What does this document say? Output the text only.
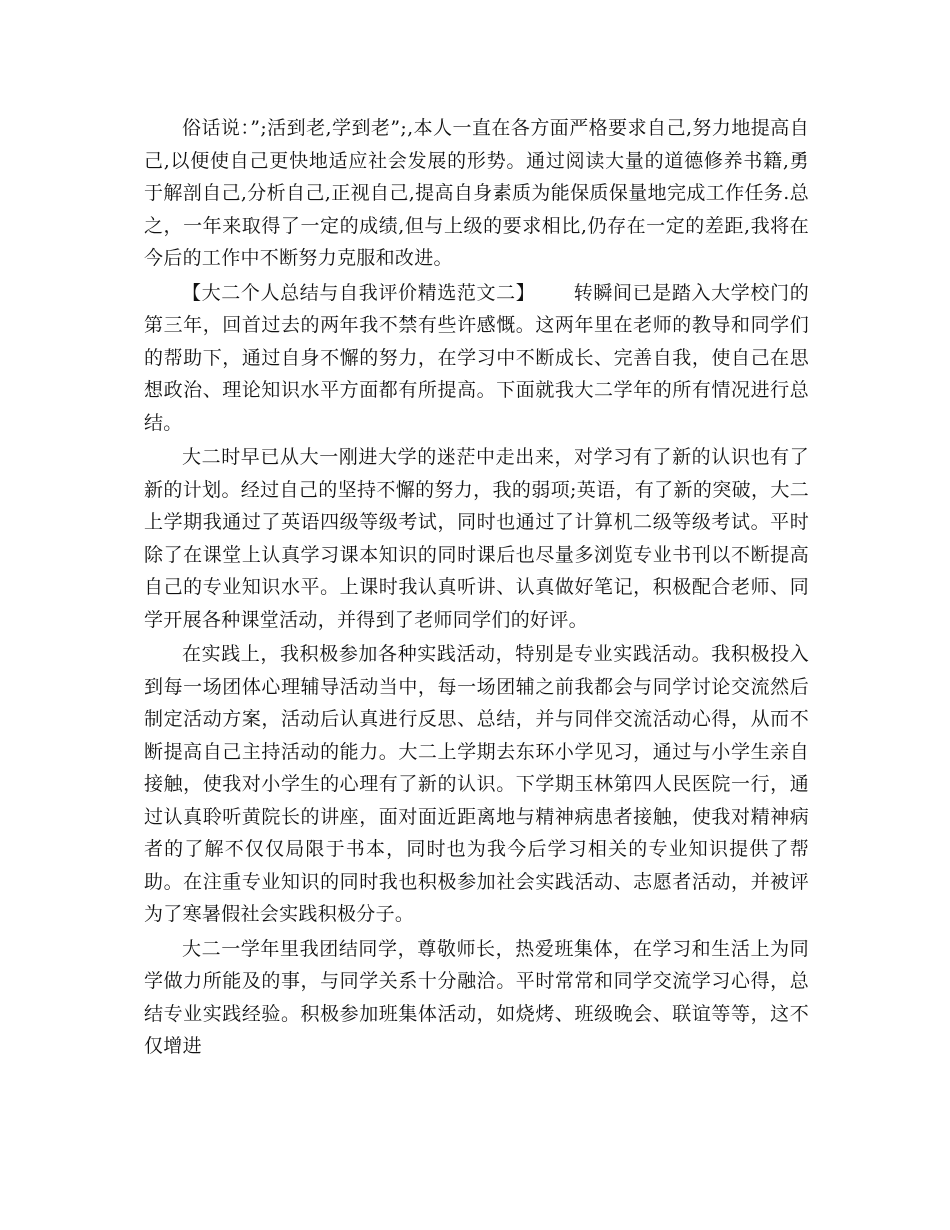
俗话说：”;活到老,学到老”;,本人一直在各方面严格要求自己,努力地提高自己,以便使自己更快地适应社会发展的形势。通过阅读大量的道德修养书籍,勇于解剖自己,分析自己,正视自己,提高自身素质为能保质保量地完成工作任务.总之，一年来取得了一定的成绩,但与上级的要求相比,仍存在一定的差距,我将在今后的工作中不断努力克服和改进。

【大二个人总结与自我评价精选范文二】 转瞬间已是踏入大学校门的第三年，回首过去的两年我不禁有些许感慨。这两年里在老师的教导和同学们的帮助下，通过自身不懈的努力，在学习中不断成长、完善自我，使自己在思想政治、理论知识水平方面都有所提高。下面就我大二学年的所有情况进行总结。

大二时早已从大一刚进大学的迷茫中走出来，对学习有了新的认识也有了新的计划。经过自己的坚持不懈的努力，我的弱项;英语，有了新的突破，大二上学期我通过了英语四级等级考试，同时也通过了计算机二级等级考试。平时除了在课堂上认真学习课本知识的同时课后也尽量多浏览专业书刊以不断提高自己的专业知识水平。上课时我认真听讲、认真做好笔记，积极配合老师、同学开展各种课堂活动，并得到了老师同学们的好评。

在实践上，我积极参加各种实践活动，特别是专业实践活动。我积极投入到每一场团体心理辅导活动当中，每一场团辅之前我都会与同学讨论交流然后制定活动方案，活动后认真进行反思、总结，并与同伴交流活动心得，从而不断提高自己主持活动的能力。大二上学期去东环小学见习，通过与小学生亲自接触，使我对小学生的心理有了新的认识。下学期玉林第四人民医院一行，通过认真聆听黄院长的讲座，面对面近距离地与精神病患者接触，使我对精神病者的了解不仅仅局限于书本，同时也为我今后学习相关的专业知识提供了帮助。在注重专业知识的同时我也积极参加社会实践活动、志愿者活动，并被评为了寒暑假社会实践积极分子。

大二一学年里我团结同学，尊敬师长，热爱班集体，在学习和生活上为同学做力所能及的事，与同学关系十分融洽。平时常常和同学交流学习心得，总结专业实践经验。积极参加班集体活动，如烧烤、班级晚会、联谊等等，这不仅增进
